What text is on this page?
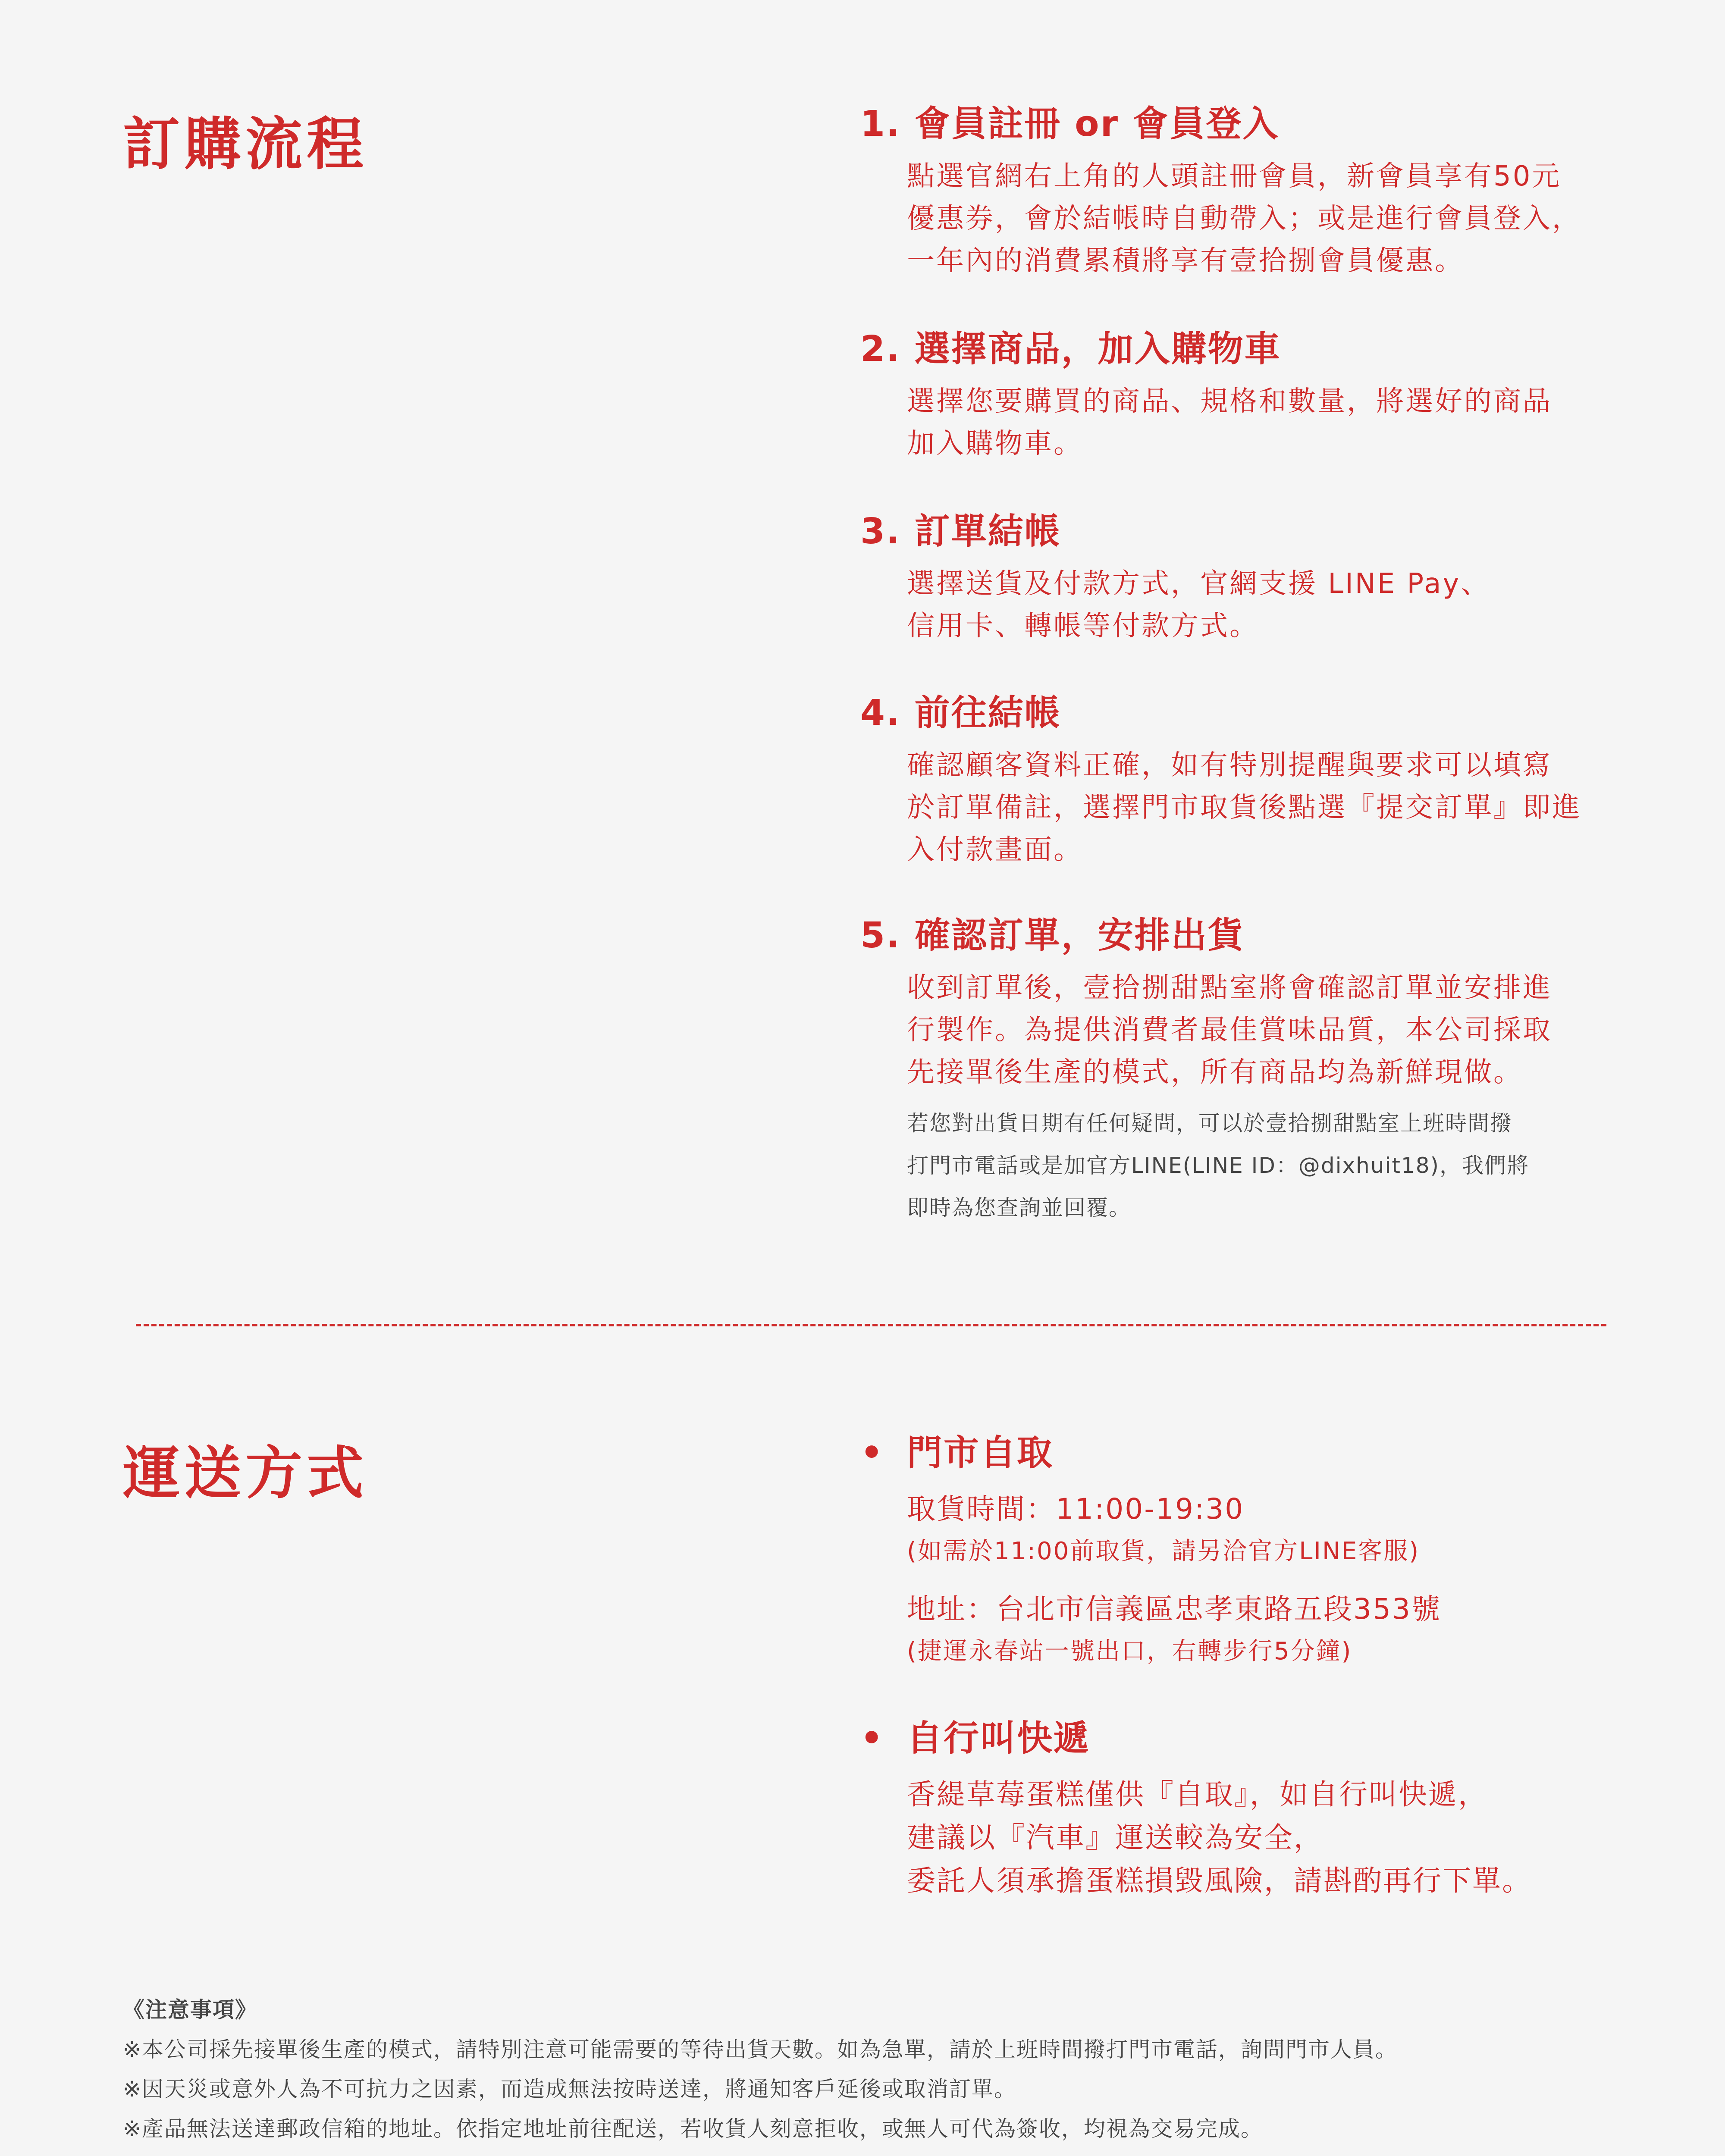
訂購流程	1. 會員註冊 or 會員登入

點選官網右上角的人頭註冊會員，新會員享有50元

優惠券，會於結帳時自動帶入；或是進行會員登入，

一年內的消費累積將享有壹拾捌會員優惠。

2. 選擇商品，加入購物車

選擇您要購買的商品、規格和數量，將選好的商品

加入購物車。

3. 訂單結帳

選擇送貨及付款方式，官網支援 LINE Pay、

信用卡、轉帳等付款方式。

4. 前往結帳

確認顧客資料正確，如有特別提醒與要求可以填寫

於訂單備註，選擇門市取貨後點選『提交訂單』即進

入付款畫面。

5. 確認訂單，安排出貨

收到訂單後，壹拾捌甜點室將會確認訂單並安排進

行製作。為提供消費者最佳賞味品質，本公司採取

先接單後生產的模式，所有商品均為新鮮現做。

若您對出貨日期有任何疑問，可以於壹拾捌甜點室上班時間撥

打門市電話或是加官方LINE(LINE ID：@dixhuit18)，我們將

即時為您查詢並回覆。

運送方式	• 門市自取

取貨時間：11:00-19:30

(如需於11:00前取貨，請另洽官方LINE客服)

地址：台北市信義區忠孝東路五段353號

(捷運永春站一號出口，右轉步行5分鐘)

• 自行叫快遞

香緹草莓蛋糕僅供『自取』，如自行叫快遞，

建議以『汽車』運送較為安全，

委託人須承擔蛋糕損毀風險，請斟酌再行下單。

《注意事項》

※本公司採先接單後生產的模式，請特別注意可能需要的等待出貨天數。如為急單，請於上班時間撥打門市電話，詢問門市人員。

※因天災或意外人為不可抗力之因素，而造成無法按時送達，將通知客戶延後或取消訂單。

※產品無法送達郵政信箱的地址。依指定地址前往配送，若收貨人刻意拒收，或無人可代為簽收，均視為交易完成。
